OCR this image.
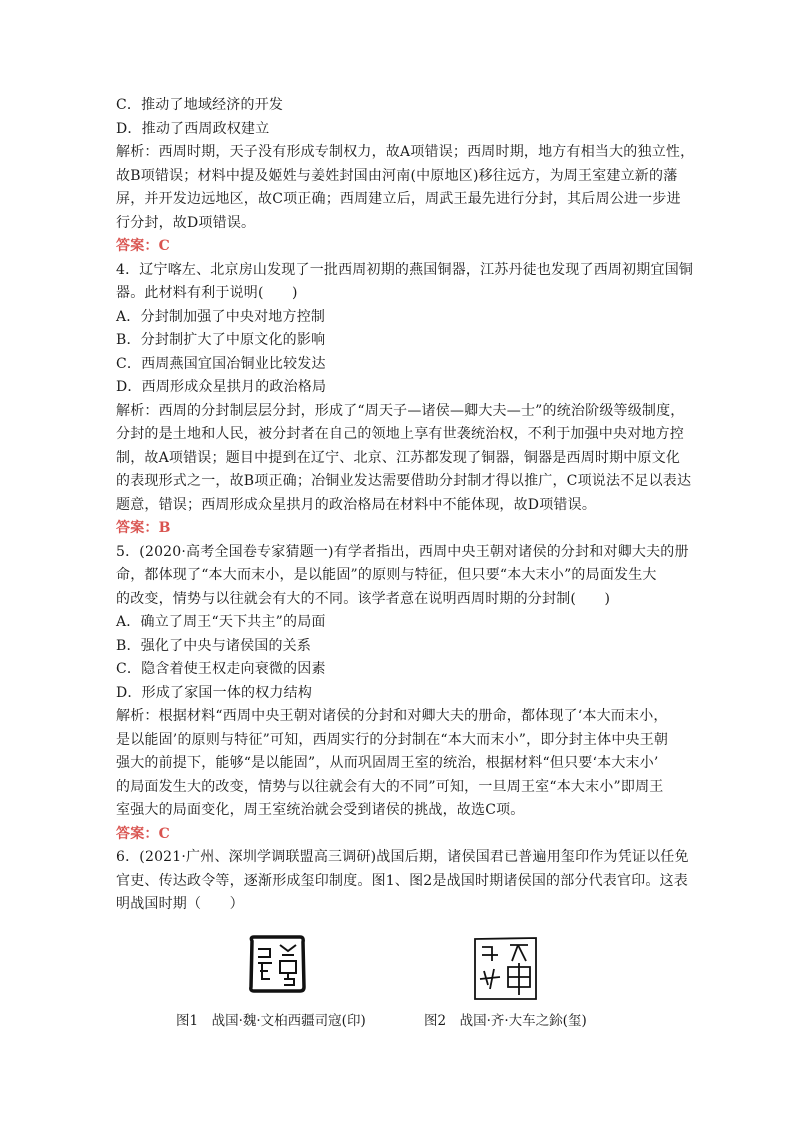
C．推动了地域经济的开发
D．推动了西周政权建立
解析：西周时期，天子没有形成专制权力，故A项错误；西周时期，地方有相当大的独立性，
故B项错误；材料中提及姬姓与姜姓封国由河南(中原地区)移往远方，为周王室建立新的藩
屏，并开发边远地区，故C项正确；西周建立后，周武王最先进行分封，其后周公进一步进
行分封，故D项错误。
答案：C
4．辽宁喀左、北京房山发现了一批西周初期的燕国铜器，江苏丹徒也发现了西周初期宜国铜
器。此材料有利于说明(　　)
A．分封制加强了中央对地方控制
B．分封制扩大了中原文化的影响
C．西周燕国宜国冶铜业比较发达
D．西周形成众星拱月的政治格局
解析：西周的分封制层层分封，形成了“周天子—诸侯—卿大夫—士”的统治阶级等级制度，
分封的是土地和人民，被分封者在自己的领地上享有世袭统治权，不利于加强中央对地方控
制，故A项错误；题目中提到在辽宁、北京、江苏都发现了铜器，铜器是西周时期中原文化
的表现形式之一，故B项正确；冶铜业发达需要借助分封制才得以推广，C项说法不足以表达
题意，错误；西周形成众星拱月的政治格局在材料中不能体现，故D项错误。
答案：B
5．(2020·高考全国卷专家猜题一)有学者指出，西周中央王朝对诸侯的分封和对卿大夫的册
命，都体现了“本大而末小，是以能固”的原则与特征，但只要“本大末小”的局面发生大
的改变，情势与以往就会有大的不同。该学者意在说明西周时期的分封制(　　)
A．确立了周王“天下共主”的局面
B．强化了中央与诸侯国的关系
C．隐含着使王权走向衰微的因素
D．形成了家国一体的权力结构
解析：根据材料“西周中央王朝对诸侯的分封和对卿大夫的册命，都体现了‘本大而末小，
是以能固’的原则与特征”可知，西周实行的分封制在“本大而末小”，即分封主体中央王朝
强大的前提下，能够“是以能固”，从而巩固周王室的统治，根据材料“但只要‘本大末小’
的局面发生大的改变，情势与以往就会有大的不同”可知，一旦周王室“本大末小”即周王
室强大的局面变化，周王室统治就会受到诸侯的挑战，故选C项。
答案：C
6．(2021·广州、深圳学调联盟高三调研)战国后期，诸侯国君已普遍用玺印作为凭证以任免
官吏、传达政令等，逐渐形成玺印制度。图1、图2是战国时期诸侯国的部分代表官印。这表
明战国时期（　　）
图1　战国·魏·文桕西疆司寇(印)	图2　战国·齐·大车之鉩(玺)
